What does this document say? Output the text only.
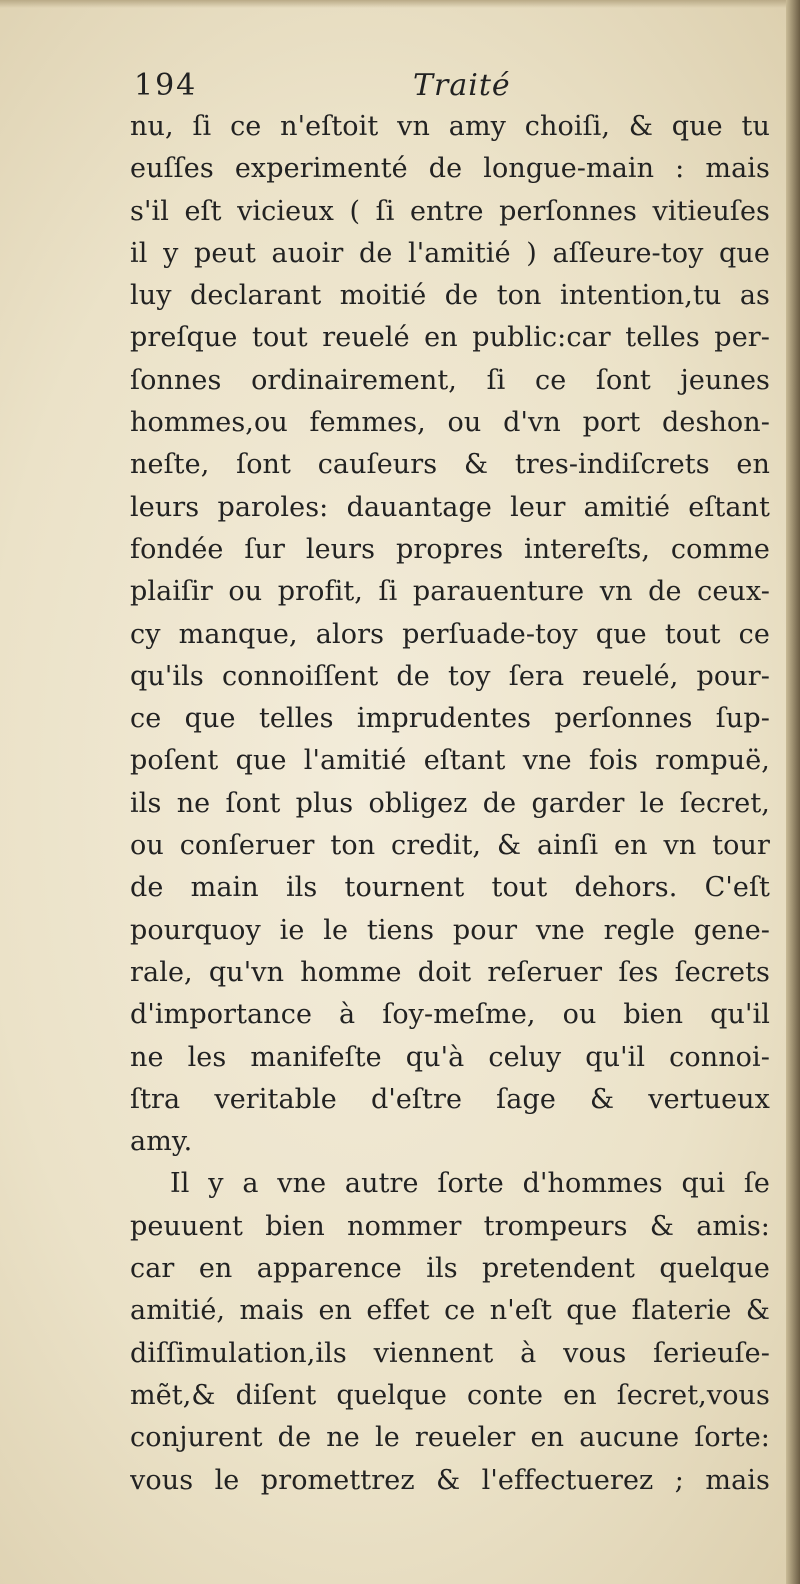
194	Traité
nu, ſi ce n'eſtoit vn amy choiſi, & que tu
euſſes experimenté de longue-main : mais
s'il eſt vicieux ( ſi entre perſonnes vitieuſes
il y peut auoir de l'amitié ) aſſeure-toy que
luy declarant moitié de ton intention,tu as
preſque tout reuelé en public:car telles per-
ſonnes ordinairement, ſi ce ſont jeunes
hommes,ou femmes, ou d'vn port deshon-
neſte, ſont cauſeurs & tres-indiſcrets en
leurs paroles: dauantage leur amitié eſtant
fondée ſur leurs propres intereſts, comme
plaiſir ou profit, ſi parauenture vn de ceux-
cy manque, alors perſuade-toy que tout ce
qu'ils connoiſſent de toy ſera reuelé, pour-
ce que telles imprudentes perſonnes ſup-
poſent que l'amitié eſtant vne fois rompuë,
ils ne ſont plus obligez de garder le ſecret,
ou conſeruer ton credit, & ainſi en vn tour
de main ils tournent tout dehors. C'eſt
pourquoy ie le tiens pour vne regle gene-
rale, qu'vn homme doit reſeruer ſes ſecrets
d'importance à ſoy-meſme, ou bien qu'il
ne les manifeſte qu'à celuy qu'il connoi-
ſtra veritable d'eſtre ſage & vertueux
amy.
Il y a vne autre ſorte d'hommes qui ſe
peuuent bien nommer trompeurs & amis:
car en apparence ils pretendent quelque
amitié, mais en effet ce n'eſt que flaterie &
diſſimulation,ils viennent à vous ſerieuſe-
mẽt,& diſent quelque conte en ſecret,vous
conjurent de ne le reueler en aucune ſorte:
vous le promettrez & l'effectuerez ; mais
